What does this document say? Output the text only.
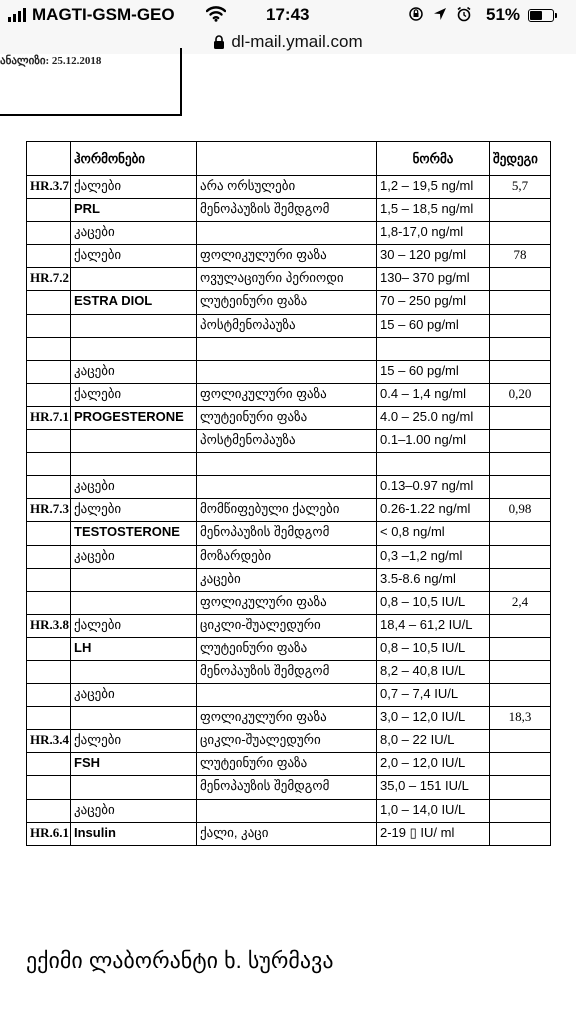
MAGTI-GSM-GEO	17:43	51%
dl-mail.ymail.com
ანალიზი: 25.12.2018
	ჰორმონები		ნორმა	შედეგი
HR.3.7	ქალები	არა ორსულები	1,2 – 19,5 ng/ml	5,7
	PRL	მენოპაუზის შემდგომ	1,5 – 18,5 ng/ml	
	კაცები		1,8-17,0 ng/ml	
	ქალები	ფოლიკულური ფაზა	30 – 120 pg/ml	78
HR.7.2		ოვულაციური პერიოდი	130– 370 pg/ml	
	ESTRA DIOL	ლუტეინური ფაზა	70 – 250 pg/ml	
		პოსტმენოპაუზა	15 – 60 pg/ml	

	კაცები		15 – 60 pg/ml	
	ქალები	ფოლიკულური ფაზა	0.4 – 1,4 ng/ml	0,20
HR.7.1	PROGESTERONE	ლუტეინური ფაზა	4.0 – 25.0 ng/ml	
		პოსტმენოპაუზა	0.1–1.00 ng/ml	

	კაცები		0.13–0.97 ng/ml	
HR.7.3	ქალები	მომწიფებული ქალები	0.26-1.22 ng/ml	0,98
	TESTOSTERONE	მენოპაუზის შემდგომ	< 0,8 ng/ml	
	კაცები	მოზარდები	0,3 –1,2 ng/ml	
		კაცები	3.5-8.6 ng/ml	
		ფოლიკულური ფაზა	0,8 – 10,5 IU/L	2,4
HR.3.8	ქალები	ციკლი-შუალედური	18,4 – 61,2 IU/L	
	LH	ლუტეინური ფაზა	0,8 – 10,5 IU/L	
		მენოპაუზის შემდგომ	8,2 – 40,8 IU/L	
	კაცები		0,7 – 7,4 IU/L	
		ფოლიკულური ფაზა	3,0 – 12,0 IU/L	18,3
HR.3.4	ქალები	ციკლი-შუალედური	8,0 – 22 IU/L	
	FSH	ლუტეინური ფაზა	2,0 – 12,0 IU/L	
		მენოპაუზის შემდგომ	35,0 – 151 IU/L	
	კაცები		1,0 – 14,0 IU/L	
HR.6.1	Insulin	ქალი, კაცი	2-19 ▯ IU/ ml	
ექიმი ლაბორანტი ხ. სურმავა
